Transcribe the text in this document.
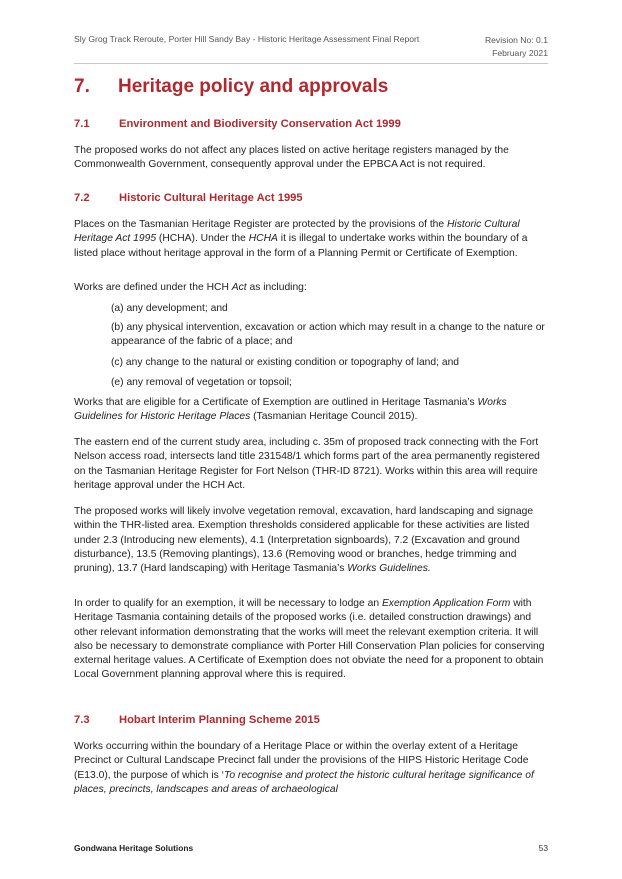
Sly Grog Track Reroute, Porter Hill Sandy Bay - Historic Heritage Assessment Final Report	Revision No: 0.1
February 2021
7. Heritage policy and approvals
7.1	Environment and Biodiversity Conservation Act 1999
The proposed works do not affect any places listed on active heritage registers managed by the Commonwealth Government, consequently approval under the EPBCA Act is not required.
7.2	Historic Cultural Heritage Act 1995
Places on the Tasmanian Heritage Register are protected by the provisions of the Historic Cultural Heritage Act 1995 (HCHA). Under the HCHA it is illegal to undertake works within the boundary of a listed place without heritage approval in the form of a Planning Permit or Certificate of Exemption.
Works are defined under the HCH Act as including:
(a) any development; and
(b) any physical intervention, excavation or action which may result in a change to the nature or appearance of the fabric of a place; and
(c) any change to the natural or existing condition or topography of land; and
(e) any removal of vegetation or topsoil;
Works that are eligible for a Certificate of Exemption are outlined in Heritage Tasmania’s Works Guidelines for Historic Heritage Places (Tasmanian Heritage Council 2015).
The eastern end of the current study area, including c. 35m of proposed track connecting with the Fort Nelson access road, intersects land title 231548/1 which forms part of the area permanently registered on the Tasmanian Heritage Register for Fort Nelson (THR-ID 8721). Works within this area will require heritage approval under the HCH Act.
The proposed works will likely involve vegetation removal, excavation, hard landscaping and signage within the THR-listed area. Exemption thresholds considered applicable for these activities are listed under 2.3 (Introducing new elements), 4.1 (Interpretation signboards), 7.2 (Excavation and ground disturbance), 13.5 (Removing plantings), 13.6 (Removing wood or branches, hedge trimming and pruning), 13.7 (Hard landscaping) with Heritage Tasmania’s Works Guidelines.
In order to qualify for an exemption, it will be necessary to lodge an Exemption Application Form with Heritage Tasmania containing details of the proposed works (i.e. detailed construction drawings) and other relevant information demonstrating that the works will meet the relevant exemption criteria. It will also be necessary to demonstrate compliance with Porter Hill Conservation Plan policies for conserving external heritage values. A Certificate of Exemption does not obviate the need for a proponent to obtain Local Government planning approval where this is required.
7.3	Hobart Interim Planning Scheme 2015
Works occurring within the boundary of a Heritage Place or within the overlay extent of a Heritage Precinct or Cultural Landscape Precinct fall under the provisions of the HIPS Historic Heritage Code (E13.0), the purpose of which is ‘To recognise and protect the historic cultural heritage significance of places, precincts, landscapes and areas of archaeological
Gondwana Heritage Solutions	53
